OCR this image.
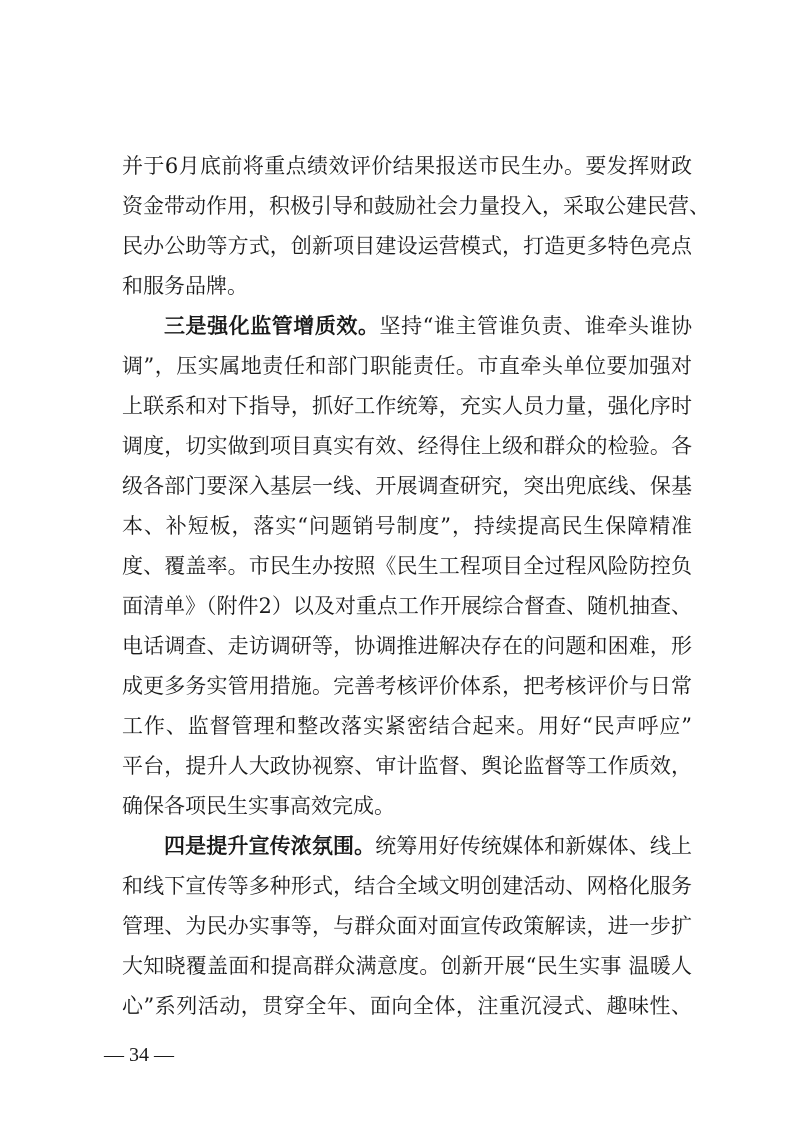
并于6月底前将重点绩效评价结果报送市民生办。要发挥财政
资金带动作用，积极引导和鼓励社会力量投入，采取公建民营、
民办公助等方式，创新项目建设运营模式，打造更多特色亮点
和服务品牌。
三是强化监管增质效。坚持“谁主管谁负责、谁牵头谁协
调”，压实属地责任和部门职能责任。市直牵头单位要加强对
上联系和对下指导，抓好工作统筹，充实人员力量，强化序时
调度，切实做到项目真实有效、经得住上级和群众的检验。各
级各部门要深入基层一线、开展调查研究，突出兜底线、保基
本、补短板，落实“问题销号制度”，持续提高民生保障精准
度、覆盖率。市民生办按照《民生工程项目全过程风险防控负
面清单》（附件2）以及对重点工作开展综合督查、随机抽查、
电话调查、走访调研等，协调推进解决存在的问题和困难，形
成更多务实管用措施。完善考核评价体系，把考核评价与日常
工作、监督管理和整改落实紧密结合起来。用好“民声呼应”
平台，提升人大政协视察、审计监督、舆论监督等工作质效，
确保各项民生实事高效完成。
四是提升宣传浓氛围。统筹用好传统媒体和新媒体、线上
和线下宣传等多种形式，结合全域文明创建活动、网格化服务
管理、为民办实事等，与群众面对面宣传政策解读，进一步扩
大知晓覆盖面和提高群众满意度。创新开展“民生实事 温暖人
心”系列活动，贯穿全年、面向全体，注重沉浸式、趣味性、
— 34 —
